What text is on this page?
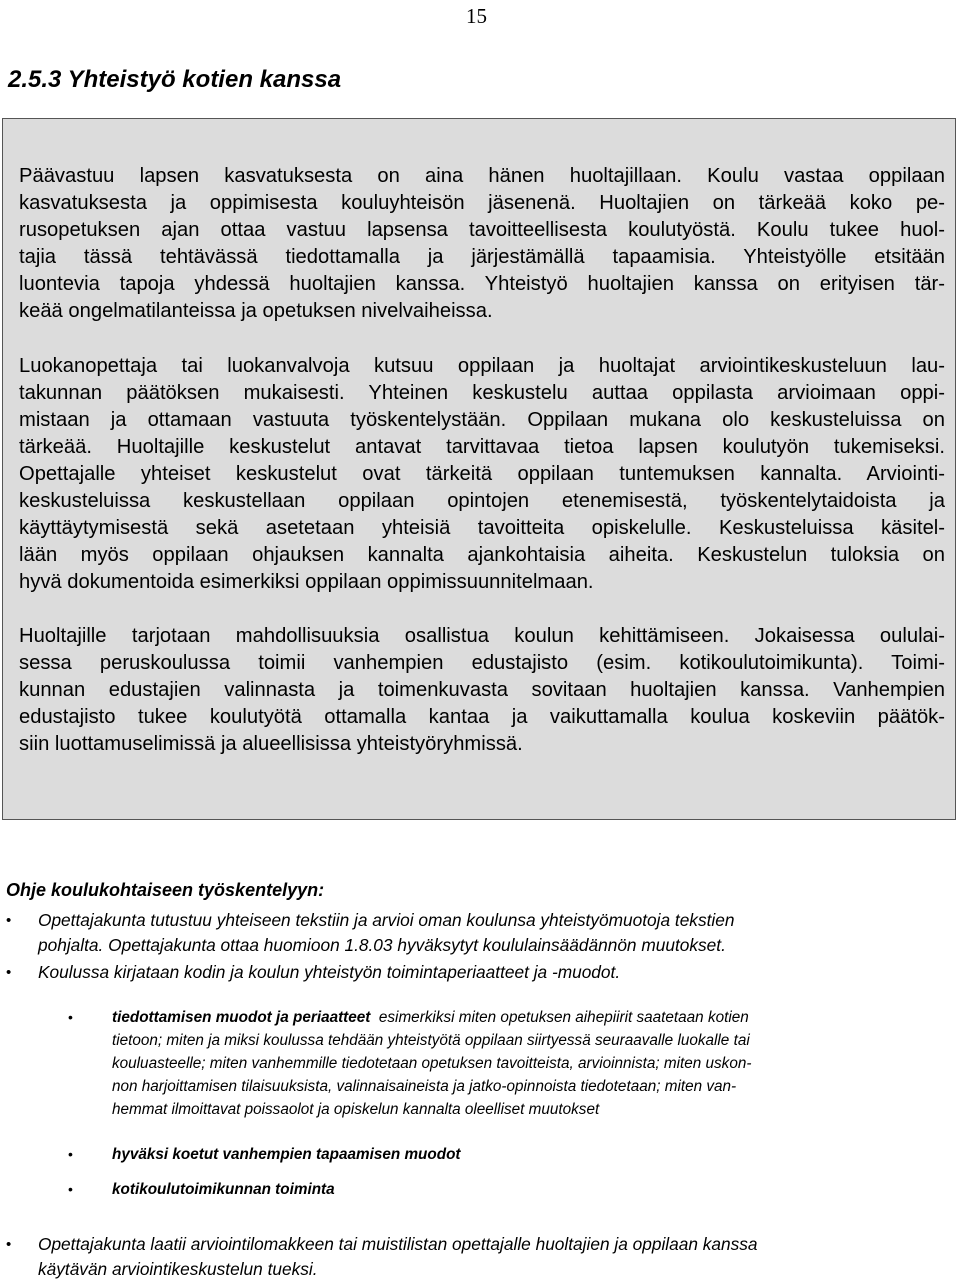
15
2.5.3 Yhteistyö kotien kanssa

Päävastuu lapsen kasvatuksesta on aina hänen huoltajillaan. Koulu vastaa oppilaan

kasvatuksesta ja oppimisesta kouluyhteisön jäsenenä. Huoltajien on tärkeää koko pe-

rusopetuksen ajan ottaa vastuu lapsensa tavoitteellisesta koulutyöstä. Koulu tukee huol-

tajia tässä tehtävässä tiedottamalla ja järjestämällä tapaamisia. Yhteistyölle etsitään

luontevia tapoja yhdessä huoltajien kanssa. Yhteistyö huoltajien kanssa on erityisen tär-

keää ongelmatilanteissa ja opetuksen nivelvaiheissa.

Luokanopettaja tai luokanvalvoja kutsuu oppilaan ja huoltajat arviointikeskusteluun lau-

takunnan päätöksen mukaisesti. Yhteinen keskustelu auttaa oppilasta arvioimaan oppi-

mistaan ja ottamaan vastuuta työskentelystään. Oppilaan mukana olo keskusteluissa on

tärkeää. Huoltajille keskustelut antavat tarvittavaa tietoa lapsen koulutyön tukemiseksi.

Opettajalle yhteiset keskustelut ovat tärkeitä oppilaan tuntemuksen kannalta. Arviointi-

keskusteluissa keskustellaan oppilaan opintojen etenemisestä, työskentelytaidoista ja

käyttäytymisestä sekä asetetaan yhteisiä tavoitteita opiskelulle. Keskusteluissa käsitel-

lään myös oppilaan ohjauksen kannalta ajankohtaisia aiheita. Keskustelun tuloksia on

hyvä dokumentoida esimerkiksi oppilaan oppimissuunnitelmaan.

Huoltajille tarjotaan mahdollisuuksia osallistua koulun kehittämiseen. Jokaisessa oululai-

sessa peruskoulussa toimii vanhempien edustajisto (esim. kotikoulutoimikunta). Toimi-

kunnan edustajien valinnasta ja toimenkuvasta sovitaan huoltajien kanssa. Vanhempien

edustajisto tukee koulutyötä ottamalla kantaa ja vaikuttamalla koulua koskeviin päätök-

siin luottamuselimissä ja alueellisissa yhteistyöryhmissä.

Ohje koulukohtaiseen työskentelyyn:

• Opettajakunta tutustuu yhteiseen tekstiin ja arvioi oman koulunsa yhteistyömuotoja tekstien
pohjalta. Opettajakunta ottaa huomioon 1.8.03 hyväksytyt koululainsäädännön muutokset.
• Koulussa kirjataan kodin ja koulun yhteistyön toimintaperiaatteet ja -muodot.
•	tiedottamisen muodot ja periaatteet esimerkiksi miten opetuksen aihepiirit saatetaan kotien
tietoon; miten ja miksi koulussa tehdään yhteistyötä oppilaan siirtyessä seuraavalle luokalle tai
kouluasteelle; miten vanhemmille tiedotetaan opetuksen tavoitteista, arvioinnista; miten uskon-
non harjoittamisen tilaisuuksista, valinnaisaineista ja jatko-opinnoista tiedotetaan; miten van-
hemmat ilmoittavat poissaolot ja opiskelun kannalta oleelliset muutokset
•	hyväksi koetut vanhempien tapaamisen muodot
•	kotikoulutoimikunnan toiminta
• Opettajakunta laatii arviointilomakkeen tai muistilistan opettajalle huoltajien ja oppilaan kanssa
käytävän arviointikeskustelun tueksi.
